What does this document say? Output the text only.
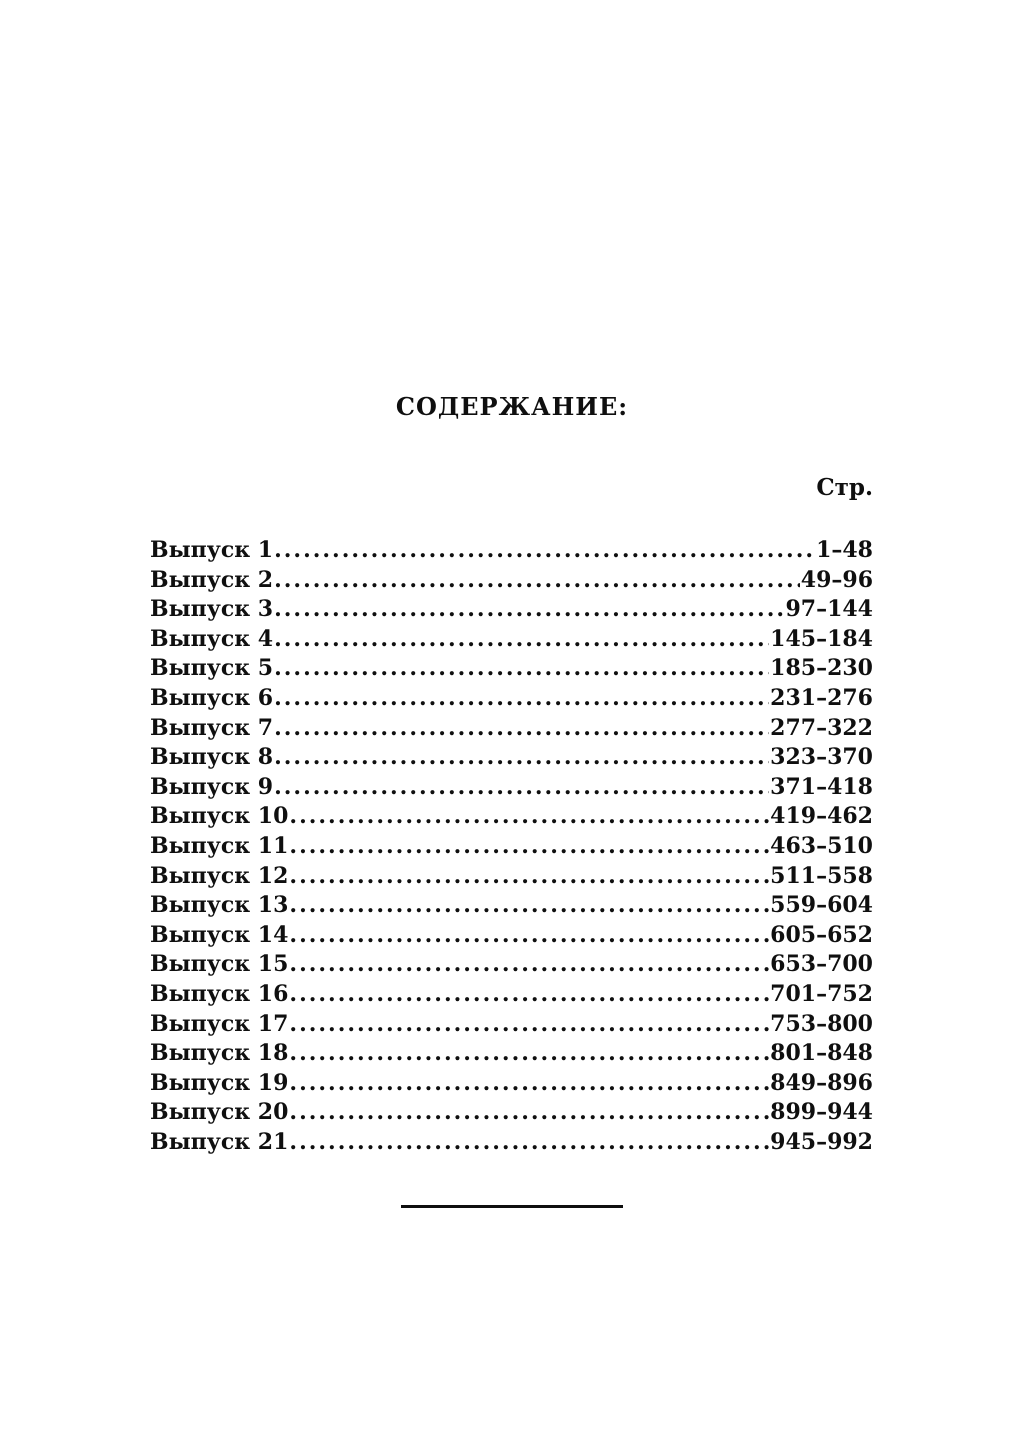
СОДЕРЖАНИЕ:
Стр.
Выпуск 1 .....	1–48
Выпуск 2 .....	49–96
Выпуск 3 .....	97–144
Выпуск 4 .....	145–184
Выпуск 5 .....	185–230
Выпуск 6 .....	231–276
Выпуск 7 .....	277–322
Выпуск 8 .....	323–370
Выпуск 9 .....	371–418
Выпуск 10 .....	419–462
Выпуск 11 .....	463–510
Выпуск 12 .....	511–558
Выпуск 13 .....	559–604
Выпуск 14 .....	605–652
Выпуск 15 .....	653–700
Выпуск 16 .....	701–752
Выпуск 17 .....	753–800
Выпуск 18 .....	801–848
Выпуск 19 .....	849–896
Выпуск 20 .....	899–944
Выпуск 21 .....	945–992
